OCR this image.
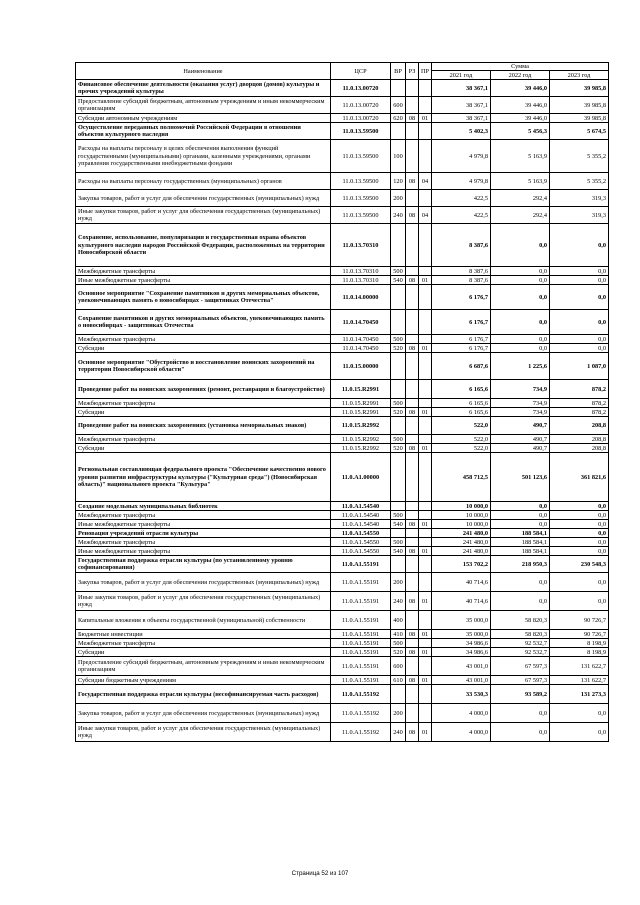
Наименование	ЦСР	ВР	РЗ	ПР	Сумма		
					2021 год	2022 год	2023 год
Финансовое обеспечение деятельности (оказания услуг) дворцов (домов) культуры и прочих учреждений культуры	11.0.13.00720				38 367,1	39 446,0	39 985,8
Предоставление субсидий бюджетным, автономным учреждениям и иным некоммерческим организациям	11.0.13.00720	600			38 367,1	39 446,0	39 985,8
Субсидии автономным учреждениям	11.0.13.00720	620	08	01	38 367,1	39 446,0	39 985,8
Осуществление переданных полномочий Российской Федерации в отношении объектов культурного наследия	11.0.13.59500				5 402,3	5 456,3	5 674,5
Расходы на выплаты персоналу в целях обеспечения выполнения функций государственными (муниципальными) органами, казенными учреждениями, органами управления государственными внебюджетными фондами	11.0.13.59500	100			4 979,8	5 163,9	5 355,2
Расходы на выплаты персоналу государственных (муниципальных) органов	11.0.13.59500	120	08	04	4 979,8	5 163,9	5 355,2
Закупка товаров, работ и услуг для обеспечения государственных (муниципальных) нужд	11.0.13.59500	200			422,5	292,4	319,3
Иные закупки товаров, работ и услуг для обеспечения государственных (муниципальных) нужд	11.0.13.59500	240	08	04	422,5	292,4	319,3
Сохранение, использование, популяризация и государственная охрана объектов культурного наследия народов Российской Федерации, расположенных на территории Новосибирской области	11.0.13.70310				8 387,6	0,0	0,0
Межбюджетные трансферты	11.0.13.70310	500			8 387,6	0,0	0,0
Иные межбюджетные трансферты	11.0.13.70310	540	08	01	8 387,6	0,0	0,0
Основное мероприятие "Сохранение памятников и других мемориальных объектов, увековечивающих память о новосибирцах - защитниках Отечества"	11.0.14.00000				6 176,7	0,0	0,0
Сохранение памятников и других мемориальных объектов, увековечивающих память о новосибирцах - защитниках Отечества	11.0.14.70450				6 176,7	0,0	0,0
Межбюджетные трансферты	11.0.14.70450	500			6 176,7	0,0	0,0
Субсидии	11.0.14.70450	520	08	01	6 176,7	0,0	0,0
Основное мероприятие "Обустройство и восстановление воинских захоронений на территории Новосибирской области"	11.0.15.00000				6 687,6	1 225,6	1 087,0
Проведение работ на воинских захоронениях (ремонт, реставрация и благоустройство)	11.0.15.R2991				6 165,6	734,9	878,2
Межбюджетные трансферты	11.0.15.R2991	500			6 165,6	734,9	878,2
Субсидии	11.0.15.R2991	520	08	01	6 165,6	734,9	878,2
Проведение работ на воинских захоронениях (установка мемориальных знаков)	11.0.15.R2992				522,0	490,7	208,8
Межбюджетные трансферты	11.0.15.R2992	500			522,0	490,7	208,8
Субсидии	11.0.15.R2992	520	08	01	522,0	490,7	208,8
Региональная составляющая федерального проекта "Обеспечение качественно нового уровня развития инфраструктуры культуры ("Культурная среда") (Новосибирская область)" национального проекта "Культура"	11.0.A1.00000				458 712,5	501 123,6	361 821,6
Создание модельных муниципальных библиотек	11.0.A1.54540				10 000,0	0,0	0,0
Межбюджетные трансферты	11.0.A1.54540	500			10 000,0	0,0	0,0
Иные межбюджетные трансферты	11.0.A1.54540	540	08	01	10 000,0	0,0	0,0
Реновация учреждений отрасли культуры	11.0.A1.54550				241 480,0	188 584,1	0,0
Межбюджетные трансферты	11.0.A1.54550	500			241 480,0	188 584,1	0,0
Иные межбюджетные трансферты	11.0.A1.54550	540	08	01	241 480,0	188 584,1	0,0
Государственная поддержка отрасли культуры (по установленному уровню софинансирования)	11.0.A1.55191				153 702,2	218 950,3	230 548,3
Закупка товаров, работ и услуг для обеспечения государственных (муниципальных) нужд	11.0.A1.55191	200			40 714,6	0,0	0,0
Иные закупки товаров, работ и услуг для обеспечения государственных (муниципальных) нужд	11.0.A1.55191	240	08	01	40 714,6	0,0	0,0
Капитальные вложения в объекты государственной (муниципальной) собственности	11.0.A1.55191	400			35 000,0	58 820,3	90 726,7
Бюджетные инвестиции	11.0.A1.55191	410	08	01	35 000,0	58 820,3	90 726,7
Межбюджетные трансферты	11.0.A1.55191	500			34 986,6	92 532,7	8 198,9
Субсидии	11.0.A1.55191	520	08	01	34 986,6	92 532,7	8 198,9
Предоставление субсидий бюджетным, автономным учреждениям и иным некоммерческим организациям	11.0.A1.55191	600			43 001,0	67 597,3	131 622,7
Субсидии бюджетным учреждениям	11.0.A1.55191	610	08	01	43 001,0	67 597,3	131 622,7
Государственная поддержка отрасли культуры (несофинансируемая часть расходов)	11.0.A1.55192				33 530,3	93 589,2	131 273,3
Закупка товаров, работ и услуг для обеспечения государственных (муниципальных) нужд	11.0.A1.55192	200			4 000,0	0,0	0,0
Иные закупки товаров, работ и услуг для обеспечения государственных (муниципальных) нужд	11.0.A1.55192	240	08	01	4 000,0	0,0	0,0
Страница 52 из 107
